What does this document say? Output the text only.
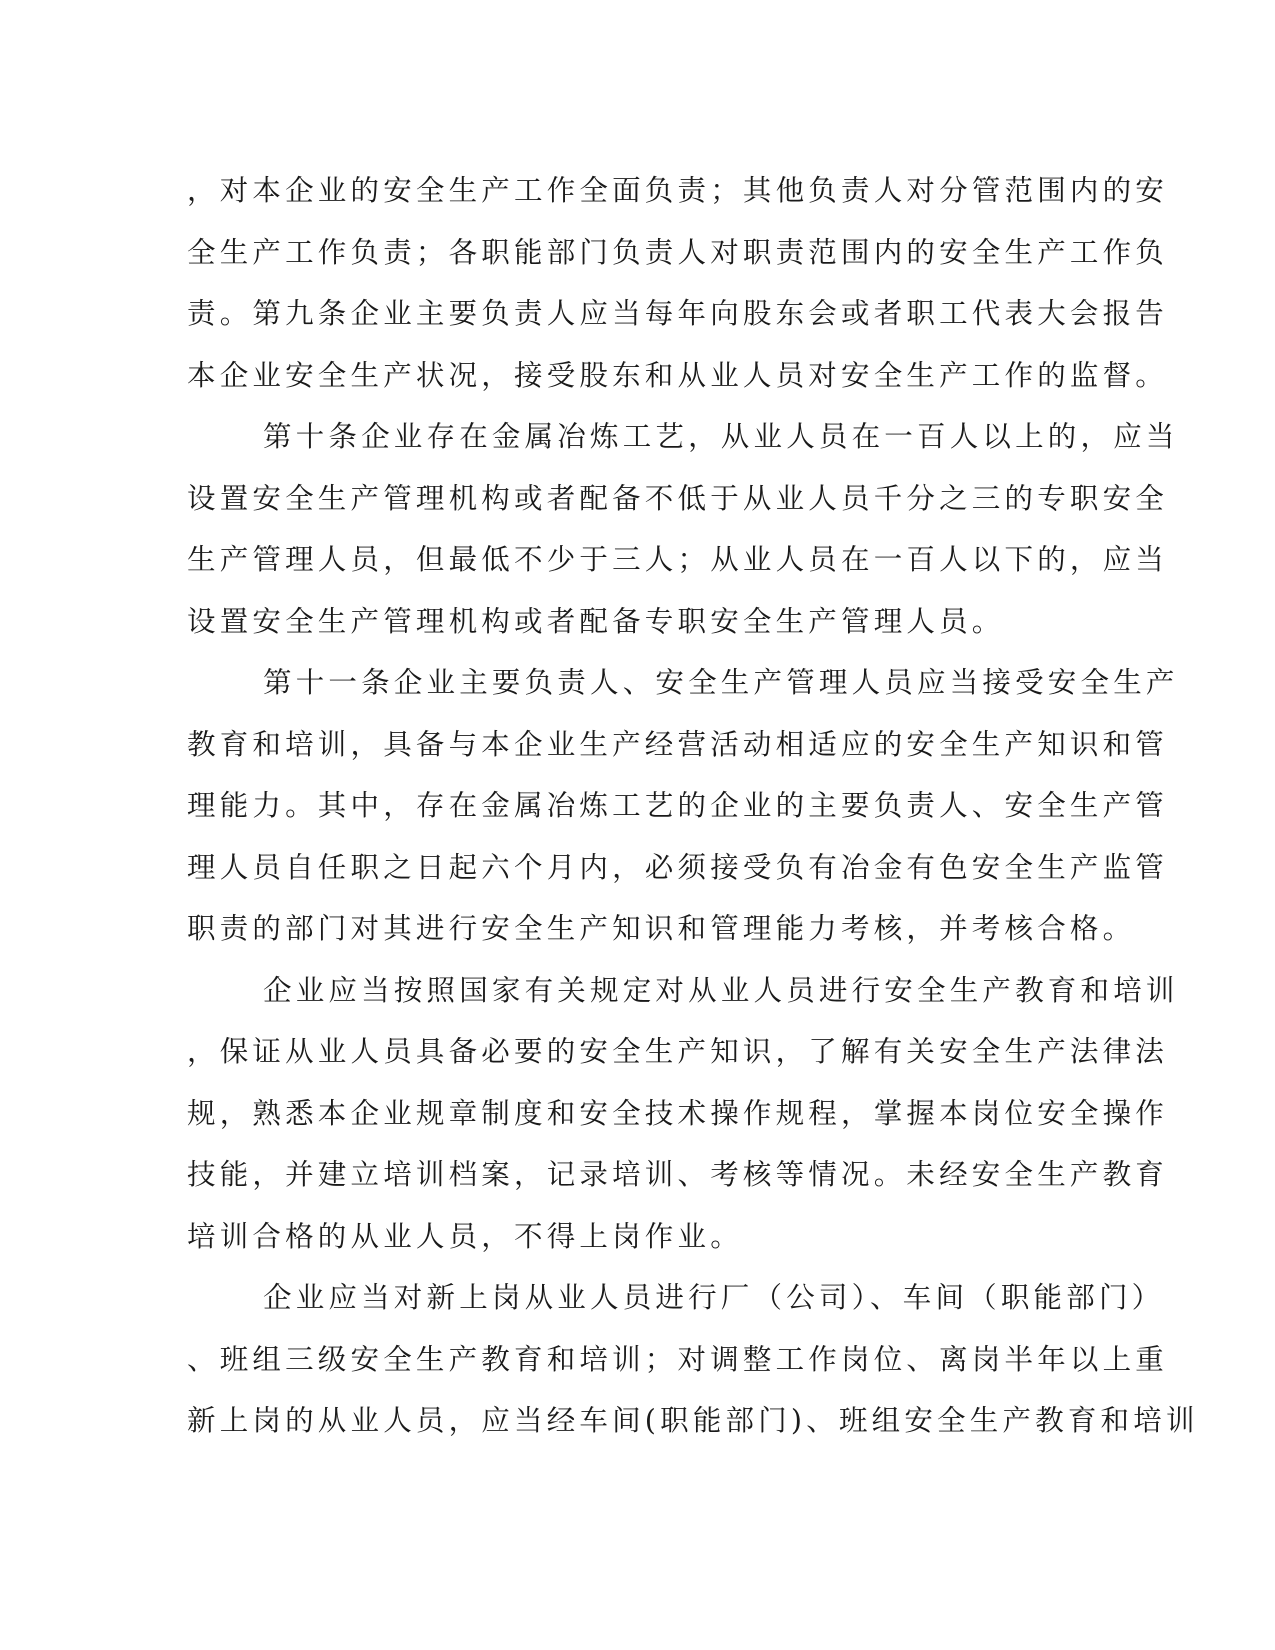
，对本企业的安全生产工作全面负责；其他负责人对分管范围内的安
全生产工作负责；各职能部门负责人对职责范围内的安全生产工作负
责。第九条企业主要负责人应当每年向股东会或者职工代表大会报告
本企业安全生产状况，接受股东和从业人员对安全生产工作的监督。
第十条企业存在金属冶炼工艺，从业人员在一百人以上的，应当
设置安全生产管理机构或者配备不低于从业人员千分之三的专职安全
生产管理人员，但最低不少于三人；从业人员在一百人以下的，应当
设置安全生产管理机构或者配备专职安全生产管理人员。
第十一条企业主要负责人、安全生产管理人员应当接受安全生产
教育和培训，具备与本企业生产经营活动相适应的安全生产知识和管
理能力。其中，存在金属冶炼工艺的企业的主要负责人、安全生产管
理人员自任职之日起六个月内，必须接受负有冶金有色安全生产监管
职责的部门对其进行安全生产知识和管理能力考核，并考核合格。
企业应当按照国家有关规定对从业人员进行安全生产教育和培训
，保证从业人员具备必要的安全生产知识，了解有关安全生产法律法
规，熟悉本企业规章制度和安全技术操作规程，掌握本岗位安全操作
技能，并建立培训档案，记录培训、考核等情况。未经安全生产教育
培训合格的从业人员，不得上岗作业。
企业应当对新上岗从业人员进行厂（公司）、车间（职能部门）
、班组三级安全生产教育和培训；对调整工作岗位、离岗半年以上重
新上岗的从业人员，应当经车间(职能部门)、班组安全生产教育和培训
